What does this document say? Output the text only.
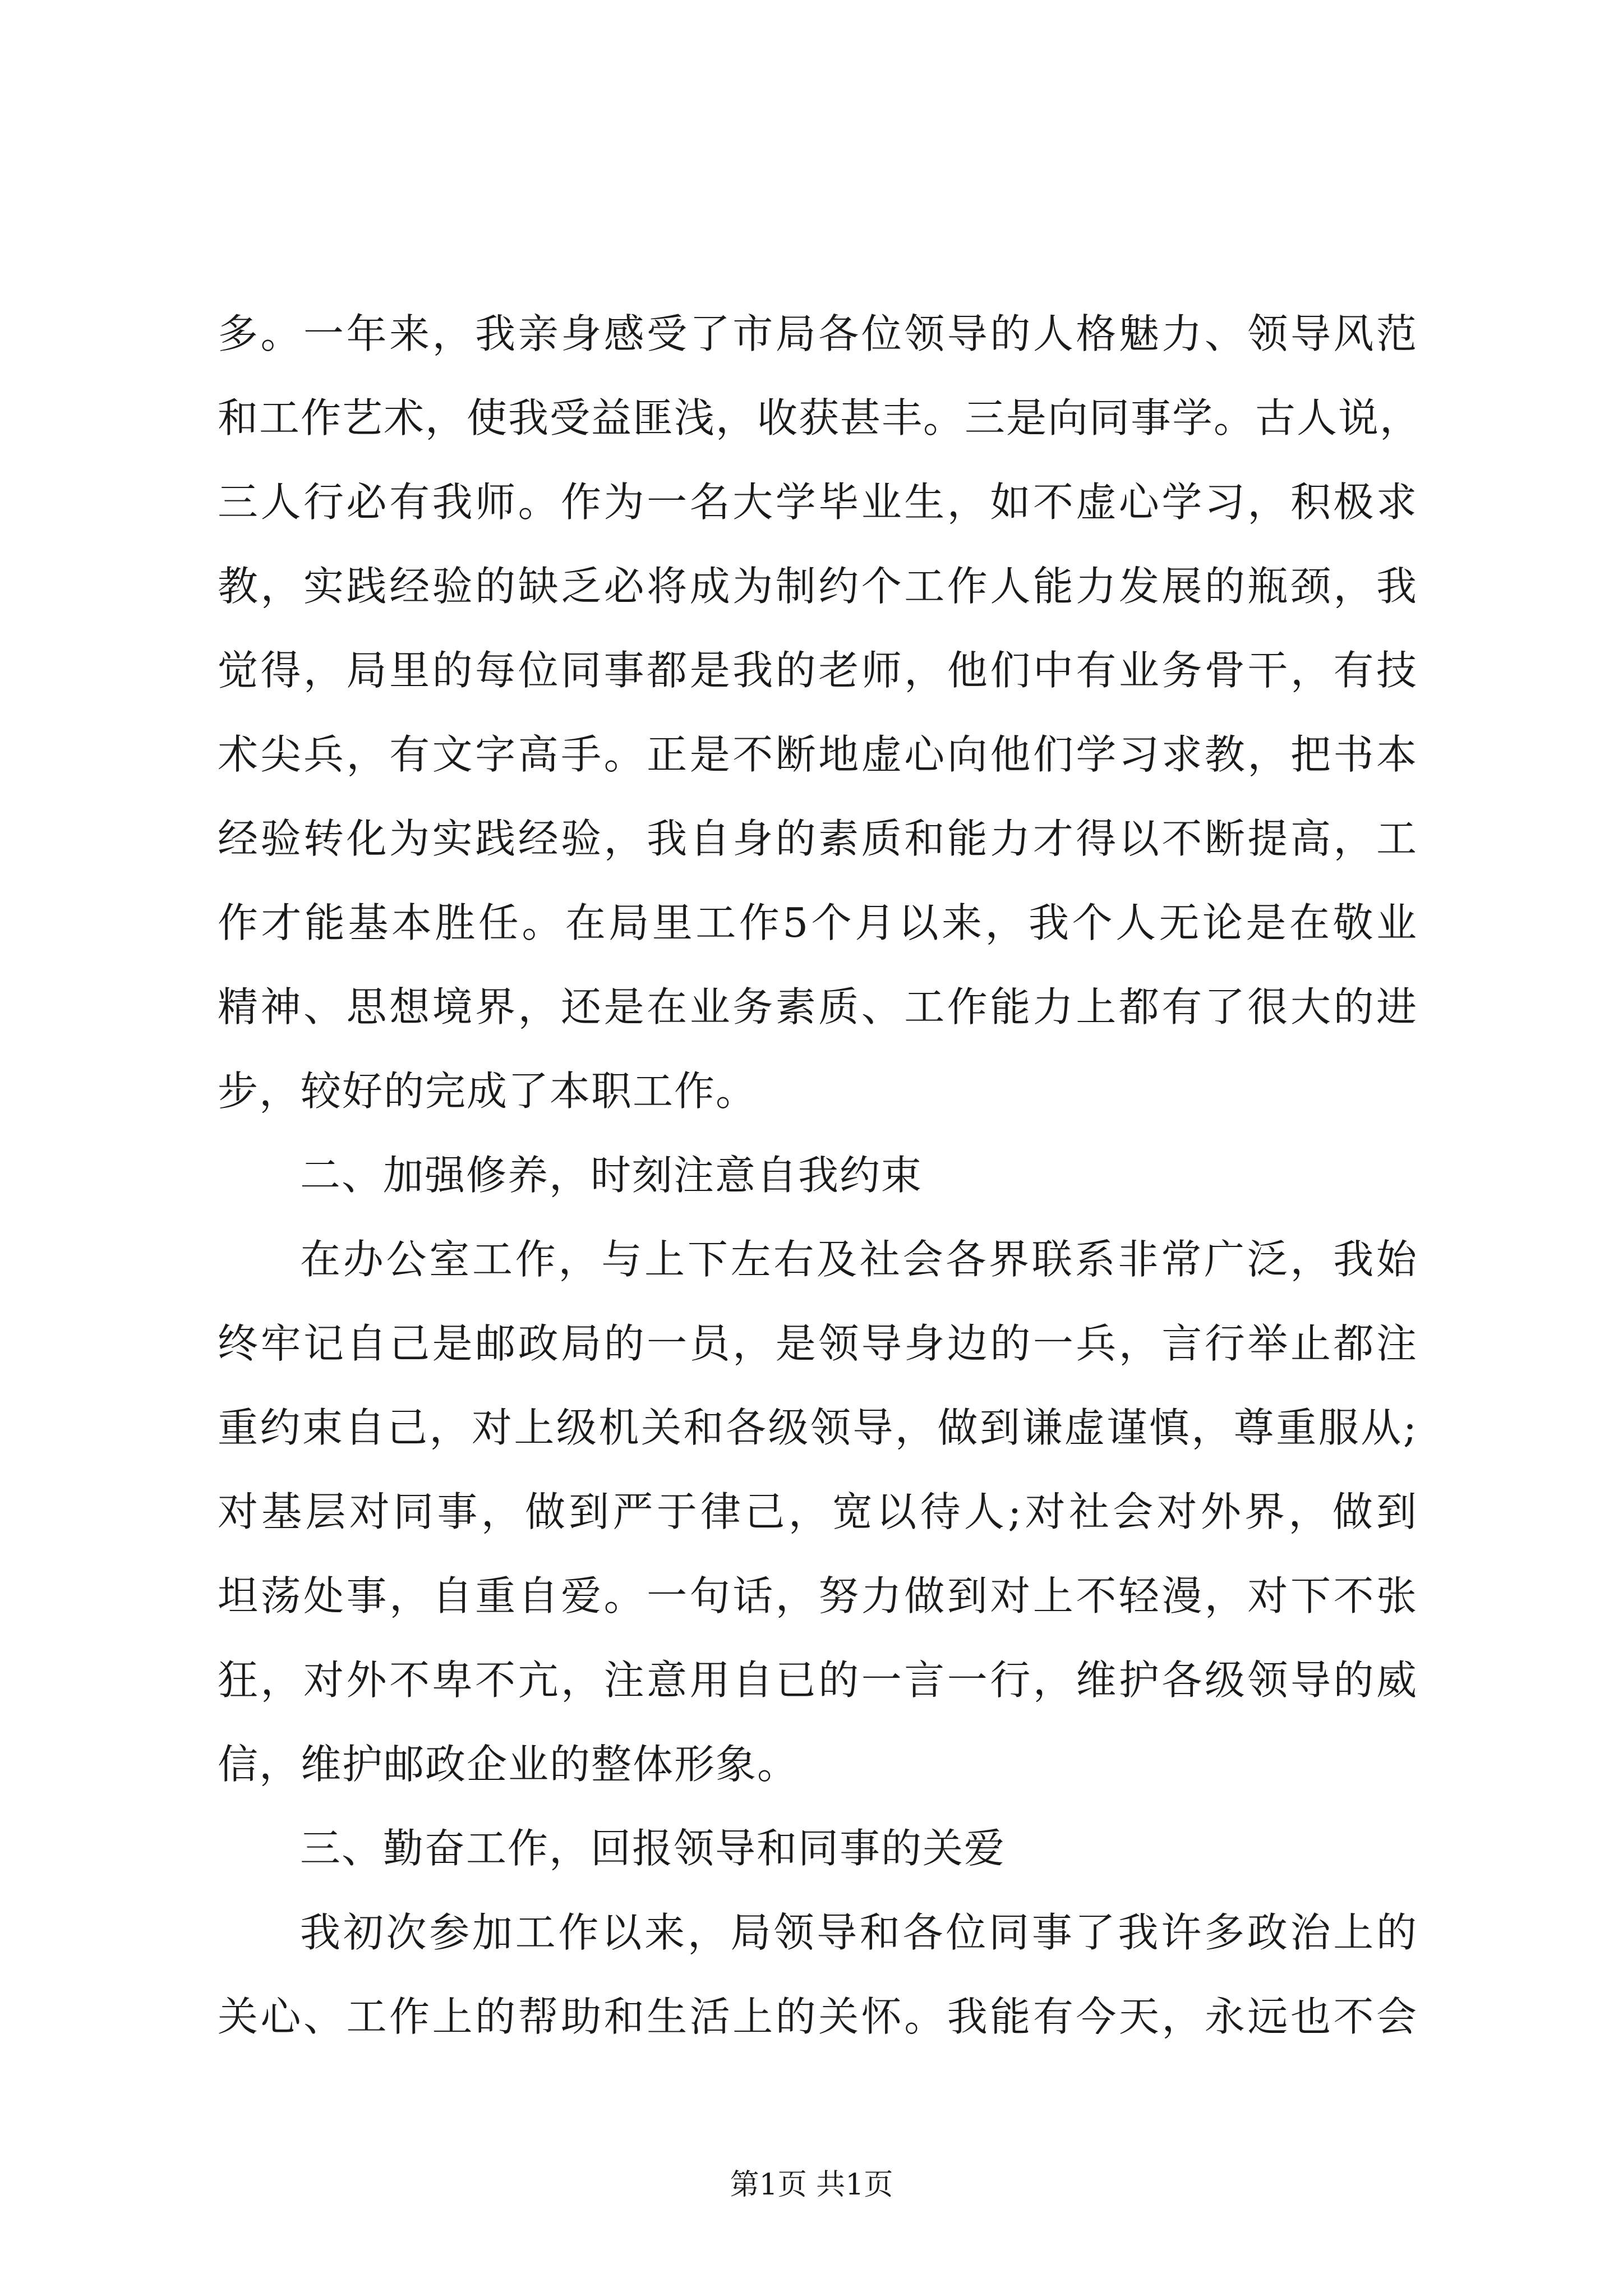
多。一年来，我亲身感受了市局各位领导的人格魅力、领导风范
和工作艺术，使我受益匪浅，收获甚丰。三是向同事学。古人说，
三人行必有我师。作为一名大学毕业生，如不虚心学习，积极求
教，实践经验的缺乏必将成为制约个工作人能力发展的瓶颈，我
觉得，局里的每位同事都是我的老师，他们中有业务骨干，有技
术尖兵，有文字高手。正是不断地虚心向他们学习求教，把书本
经验转化为实践经验，我自身的素质和能力才得以不断提高，工
作才能基本胜任。在局里工作5个月以来，我个人无论是在敬业
精神、思想境界，还是在业务素质、工作能力上都有了很大的进
步，较好的完成了本职工作。
二、加强修养，时刻注意自我约束
在办公室工作，与上下左右及社会各界联系非常广泛，我始
终牢记自己是邮政局的一员，是领导身边的一兵，言行举止都注
重约束自己，对上级机关和各级领导，做到谦虚谨慎，尊重服从;
对基层对同事，做到严于律己，宽以待人;对社会对外界，做到
坦荡处事，自重自爱。一句话，努力做到对上不轻漫，对下不张
狂，对外不卑不亢，注意用自已的一言一行，维护各级领导的威
信，维护邮政企业的整体形象。
三、勤奋工作，回报领导和同事的关爱
我初次参加工作以来，局领导和各位同事了我许多政治上的
关心、工作上的帮助和生活上的关怀。我能有今天，永远也不会
第1页 共1页
